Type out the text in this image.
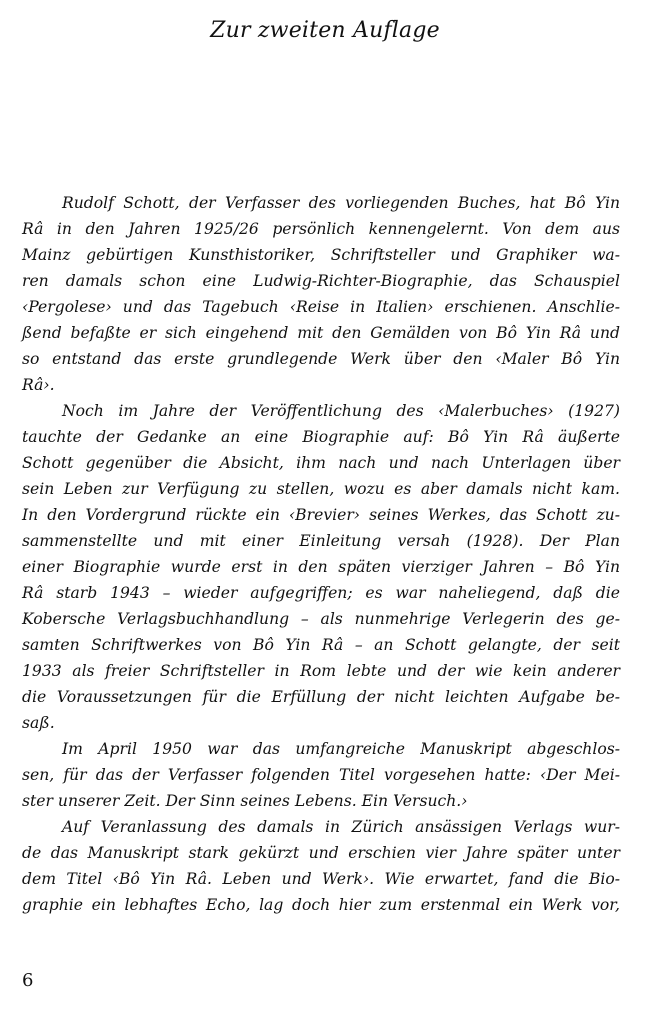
Zur zweiten Auflage
Rudolf Schott, der Verfasser des vorliegenden Buches, hat Bô Yin
Râ in den Jahren 1925/26 persönlich kennengelernt. Von dem aus
Mainz gebürtigen Kunsthistoriker, Schriftsteller und Graphiker wa-
ren damals schon eine Ludwig-Richter-Biographie, das Schauspiel
‹Pergolese› und das Tagebuch ‹Reise in Italien› erschienen. Anschlie-
ßend befaßte er sich eingehend mit den Gemälden von Bô Yin Râ und
so entstand das erste grundlegende Werk über den ‹Maler Bô Yin
Râ›.
Noch im Jahre der Veröffentlichung des ‹Malerbuches› (1927)
tauchte der Gedanke an eine Biographie auf: Bô Yin Râ äußerte
Schott gegenüber die Absicht, ihm nach und nach Unterlagen über
sein Leben zur Verfügung zu stellen, wozu es aber damals nicht kam.
In den Vordergrund rückte ein ‹Brevier› seines Werkes, das Schott zu-
sammenstellte und mit einer Einleitung versah (1928). Der Plan
einer Biographie wurde erst in den späten vierziger Jahren – Bô Yin
Râ starb 1943 – wieder aufgegriffen; es war naheliegend, daß die
Kobersche Verlagsbuchhandlung – als nunmehrige Verlegerin des ge-
samten Schriftwerkes von Bô Yin Râ – an Schott gelangte, der seit
1933 als freier Schriftsteller in Rom lebte und der wie kein anderer
die Voraussetzungen für die Erfüllung der nicht leichten Aufgabe be-
saß.
Im April 1950 war das umfangreiche Manuskript abgeschlos-
sen, für das der Verfasser folgenden Titel vorgesehen hatte: ‹Der Mei-
ster unserer Zeit. Der Sinn seines Lebens. Ein Versuch.›
Auf Veranlassung des damals in Zürich ansässigen Verlags wur-
de das Manuskript stark gekürzt und erschien vier Jahre später unter
dem Titel ‹Bô Yin Râ. Leben und Werk›. Wie erwartet, fand die Bio-
graphie ein lebhaftes Echo, lag doch hier zum erstenmal ein Werk vor,
6
